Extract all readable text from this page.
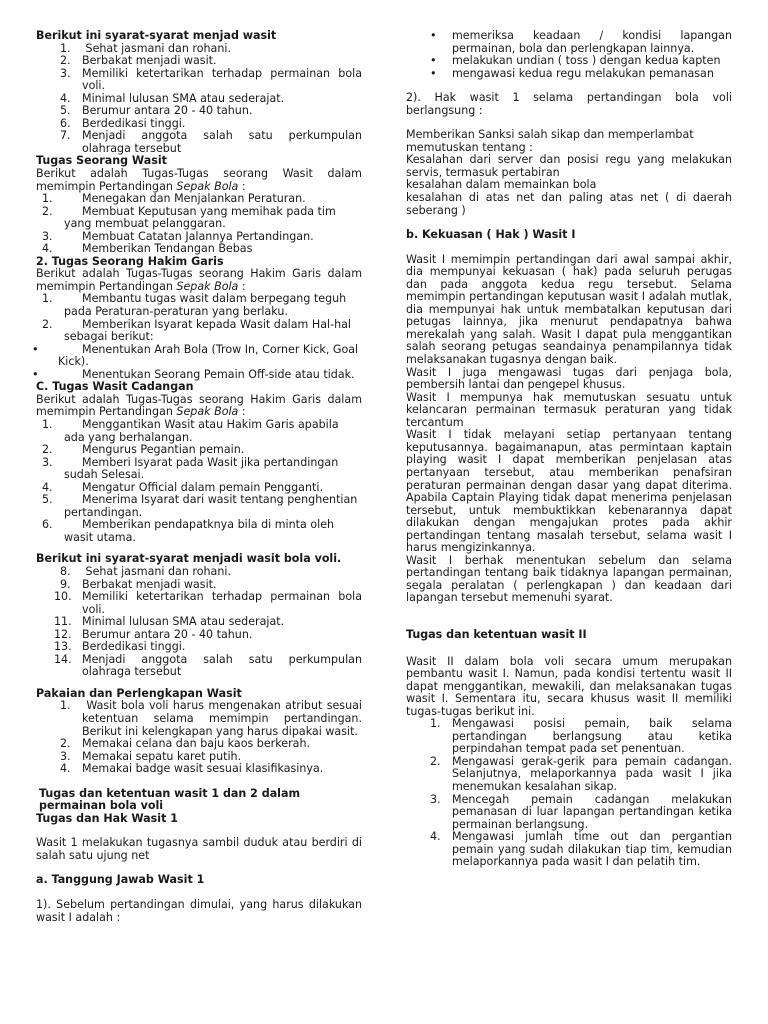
Berikut ini syarat-syarat menjad wasit
1. Sehat jasmani dan rohani.
2. Berbakat menjadi wasit.
3. Memiliki ketertarikan terhadap permainan bola voli.
4. Minimal lulusan SMA atau sederajat.
5. Berumur antara 20 - 40 tahun.
6. Berdedikasi tinggi.
7. Menjadi anggota salah satu perkumpulan olahraga tersebut
Tugas Seorang Wasit
Berikut adalah Tugas-Tugas seorang Wasit dalam memimpin Pertandingan Sepak Bola :
1.	Menegakan dan Menjalankan Peraturan.
2.	Membuat Keputusan yang memihak pada tim yang membuat pelanggaran.
3.	Membuat Catatan Jalannya Pertandingan.
4.	Memberikan Tendangan Bebas
2. Tugas Seorang Hakim Garis
Berikut adalah Tugas-Tugas seorang Hakim Garis dalam memimpin Pertandingan Sepak Bola :
1.	Membantu tugas wasit dalam berpegang teguh pada Peraturan-peraturan yang berlaku.
2.	Memberikan Isyarat kepada Wasit dalam Hal-hal sebagai berikut:
•	Menentukan Arah Bola (Trow In, Corner Kick, Goal Kick).
•	Menentukan Seorang Pemain Off-side atau tidak.
C. Tugas Wasit Cadangan
Berikut adalah Tugas-Tugas seorang Hakim Garis dalam memimpin Pertandingan Sepak Bola :
1.	Menggantikan Wasit atau Hakim Garis apabila ada yang berhalangan.
2.	Mengurus Pegantian pemain.
3.	Memberi Isyarat pada Wasit jika pertandingan sudah Selesai.
4.	Mengatur Official dalam pemain Pengganti.
5.	Menerima Isyarat dari wasit tentang penghentian pertandingan.
6.	Memberikan pendapatknya bila di minta oleh wasit utama.
Berikut ini syarat-syarat menjadi wasit bola voli.
8. Sehat jasmani dan rohani.
9. Berbakat menjadi wasit.
10. Memiliki ketertarikan terhadap permainan bola voli.
11. Minimal lulusan SMA atau sederajat.
12. Berumur antara 20 - 40 tahun.
13. Berdedikasi tinggi.
14. Menjadi anggota salah satu perkumpulan olahraga tersebut
Pakaian dan Perlengkapan Wasit
1. Wasit bola voli harus mengenakan atribut sesuai ketentuan selama memimpin pertandingan. Berikut ini kelengkapan yang harus dipakai wasit.
2. Memakai celana dan baju kaos berkerah.
3. Memakai sepatu karet putih.
4. Memakai badge wasit sesuai klasifikasinya.
Tugas dan ketentuan wasit 1 dan 2 dalam permainan bola voli
Tugas dan Hak Wasit 1
Wasit 1 melakukan tugasnya sambil duduk atau berdiri di salah satu ujung net
a. Tanggung Jawab Wasit 1
1). Sebelum pertandingan dimulai, yang harus dilakukan wasit I adalah :
• memeriksa keadaan / kondisi lapangan permainan, bola dan perlengkapan lainnya.
• melakukan undian ( toss ) dengan kedua kapten
• mengawasi kedua regu melakukan pemanasan
2). Hak wasit 1 selama pertandingan bola voli berlangsung :
Memberikan Sanksi salah sikap dan memperlambat
memutuskan tentang :
Kesalahan dari server dan posisi regu yang melakukan servis, termasuk pertabiran
kesalahan dalam memainkan bola
kesalahan di atas net dan paling atas net ( di daerah seberang )
b. Kekuasan ( Hak ) Wasit I
Wasit I memimpin pertandingan dari awal sampai akhir, dia mempunyai kekuasan ( hak) pada seluruh perugas dan pada anggota kedua regu tersebut. Selama memimpin pertandingan keputusan wasit I adalah mutlak, dia mempunyai hak untuk membatalkan keputusan dari petugas lainnya, jika menurut pendapatnya bahwa merekalah yang salah. Wasit I dapat pula menggantikan salah seorang petugas seandainya penampilannya tidak melaksanakan tugasnya dengan baik.
Wasit I juga mengawasi tugas dari penjaga bola, pembersih lantai dan pengepel khusus.
Wasit I mempunya hak memutuskan sesuatu untuk kelancaran permainan termasuk peraturan yang tidak tercantum
Wasit I tidak melayani setiap pertanyaan tentang keputusannya. bagaimanapun, atas permintaan kaptain playing wasit I dapat memberikan penjelasan atas pertanyaan tersebut, atau memberikan penafsiran peraturan permainan dengan dasar yang dapat diterima. Apabila Captain Playing tidak dapat menerima penjelasan tersebut, untuk membuktikkan kebenarannya dapat dilakukan dengan mengajukan protes pada akhir pertandingan tentang masalah tersebut, selama wasit I harus mengizinkannya.
Wasit I berhak menentukan sebelum dan selama pertandingan tentang baik tidaknya lapangan permainan, segala peralatan ( perlengkapan ) dan keadaan dari lapangan tersebut memenuhi syarat.
Tugas dan ketentuan wasit II
Wasit II dalam bola voli secara umum merupakan pembantu wasit I. Namun, pada kondisi tertentu wasit II dapat menggantikan, mewakili, dan melaksanakan tugas wasit I. Sementara itu, secara khusus wasit II memiliki tugas-tugas berikut ini.
1. Mengawasi posisi pemain, baik selama pertandingan berlangsung atau ketika perpindahan tempat pada set penentuan.
2. Mengawasi gerak-gerik para pemain cadangan. Selanjutnya, melaporkannya pada wasit I jika menemukan kesalahan sikap.
3. Mencegah pemain cadangan melakukan pemanasan di luar lapangan pertandingan ketika permainan berlangsung.
4. Mengawasi jumlah time out dan pergantian pemain yang sudah dilakukan tiap tim, kemudian melaporkannya pada wasit I dan pelatih tim.
